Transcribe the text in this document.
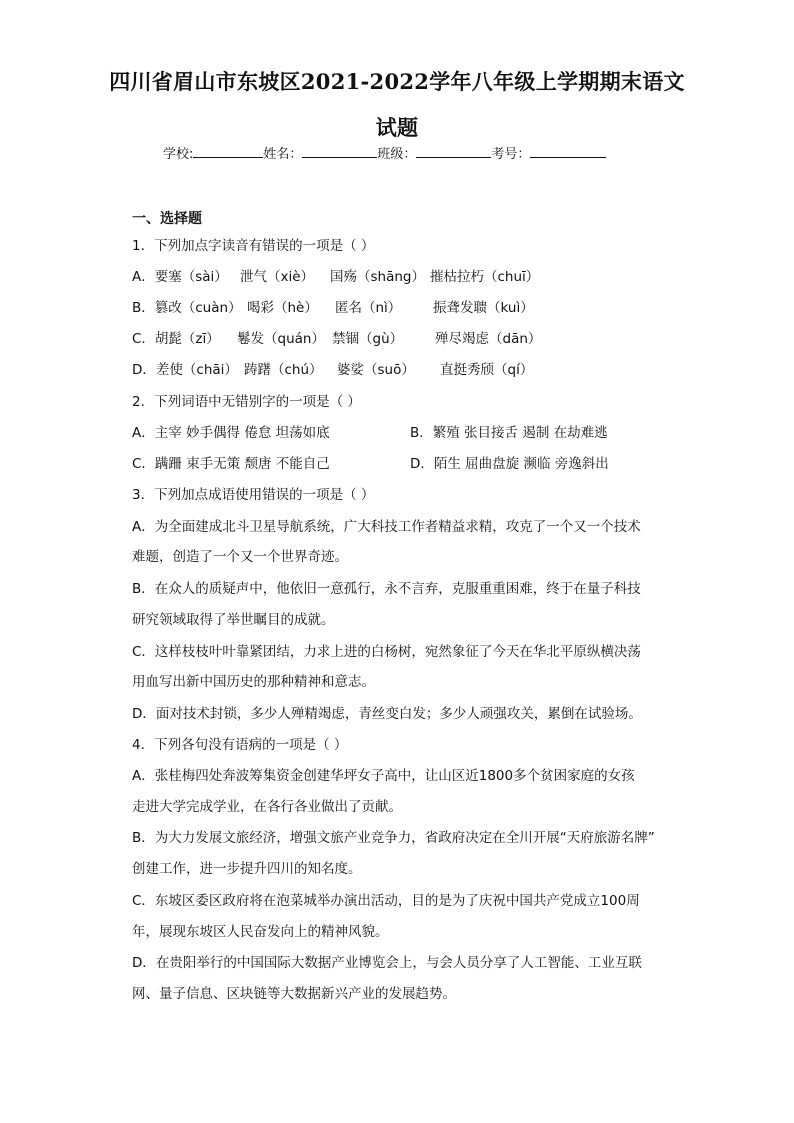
四川省眉山市东坡区2021-2022学年八年级上学期期末语文
试题
学校:	姓名：	班级：	考号：
一、选择题
1．下列加点字读音有错误的一项是（ ）
A．要塞（sài） 泄气（xiè） 国殇（shāng） 摧枯拉朽（chuī）
B．篡改（cuàn） 喝彩（hè） 匿名（nì） 振聋发聩（kuì）
C．胡髭（zī） 鬈发（quán） 禁锢（gù） 殚尽竭虑（dān）
D．差使（chāi） 踌躇（chú） 婆娑（suō） 直挺秀颀（qí）
2．下列词语中无错别字的一项是（ ）
A．主宰 妙手偶得 倦怠 坦荡如底	B．繁殖 张目接舌 遏制 在劫难逃
C．蹒跚 束手无策 颓唐 不能自己	D．陌生 屈曲盘旋 濒临 旁逸斜出
3．下列加点成语使用错误的一项是（ ）
A．为全面建成北斗卫星导航系统，广大科技工作者精益求精，攻克了一个又一个技术
难题，创造了一个又一个世界奇迹。
B．在众人的质疑声中，他依旧一意孤行，永不言弃，克服重重困难，终于在量子科技
研究领域取得了举世瞩目的成就。
C．这样枝枝叶叶靠紧团结，力求上进的白杨树，宛然象征了今天在华北平原纵横决荡
用血写出新中国历史的那种精神和意志。
D．面对技术封锁，多少人殚精竭虑，青丝变白发；多少人顽强攻关，累倒在试验场。
4．下列各句没有语病的一项是（ ）
A．张桂梅四处奔波筹集资金创建华坪女子高中，让山区近1800多个贫困家庭的女孩
走进大学完成学业，在各行各业做出了贡献。
B．为大力发展文旅经济，增强文旅产业竞争力，省政府决定在全川开展“天府旅游名牌”
创建工作，进一步提升四川的知名度。
C．东坡区委区政府将在泡菜城举办演出活动，目的是为了庆祝中国共产党成立100周
年，展现东坡区人民奋发向上的精神风貌。
D．在贵阳举行的中国国际大数据产业博览会上，与会人员分享了人工智能、工业互联
网、量子信息、区块链等大数据新兴产业的发展趋势。
